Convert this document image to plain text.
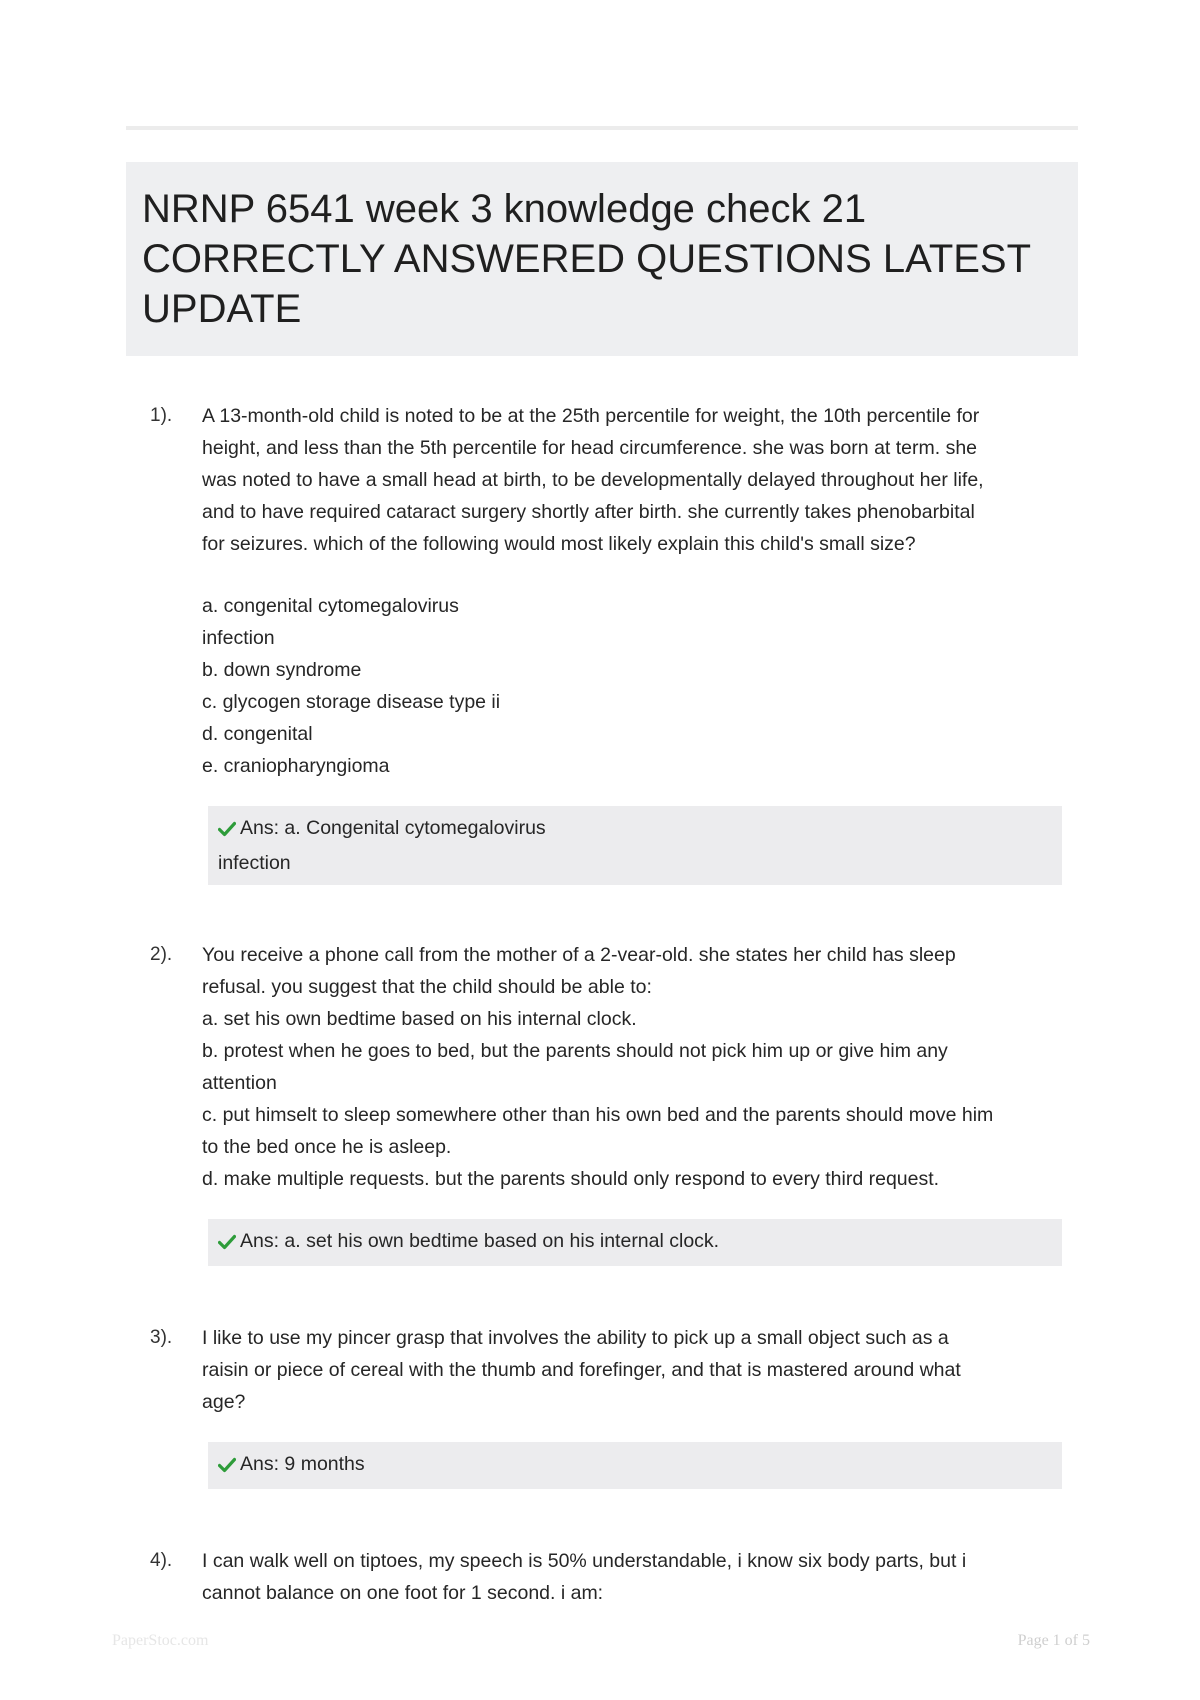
NRNP 6541 week 3 knowledge check 21 CORRECTLY ANSWERED QUESTIONS LATEST UPDATE
1). A 13-month-old child is noted to be at the 25th percentile for weight, the 10th percentile for
height, and less than the 5th percentile for head circumference. she was born at term. she
was noted to have a small head at birth, to be developmentally delayed throughout her life,
and to have required cataract surgery shortly after birth. she currently takes phenobarbital
for seizures. which of the following would most likely explain this child's small size?
a. congenital cytomegalovirus
infection
b. down syndrome
c. glycogen storage disease type ii
d. congenital
e. craniopharyngioma
Ans: a. Congenital cytomegalovirus
infection
2). You receive a phone call from the mother of a 2-vear-old. she states her child has sleep
refusal. you suggest that the child should be able to:
a. set his own bedtime based on his internal clock.
b. protest when he goes to bed, but the parents should not pick him up or give him any
attention
c. put himselt to sleep somewhere other than his own bed and the parents should move him
to the bed once he is asleep.
d. make multiple requests. but the parents should only respond to every third request.
Ans: a. set his own bedtime based on his internal clock.
3). I like to use my pincer grasp that involves the ability to pick up a small object such as a
raisin or piece of cereal with the thumb and forefinger, and that is mastered around what
age?
Ans: 9 months
4). I can walk well on tiptoes, my speech is 50% understandable, i know six body parts, but i
cannot balance on one foot for 1 second. i am:
PaperStoc.com	Page 1 of 5
